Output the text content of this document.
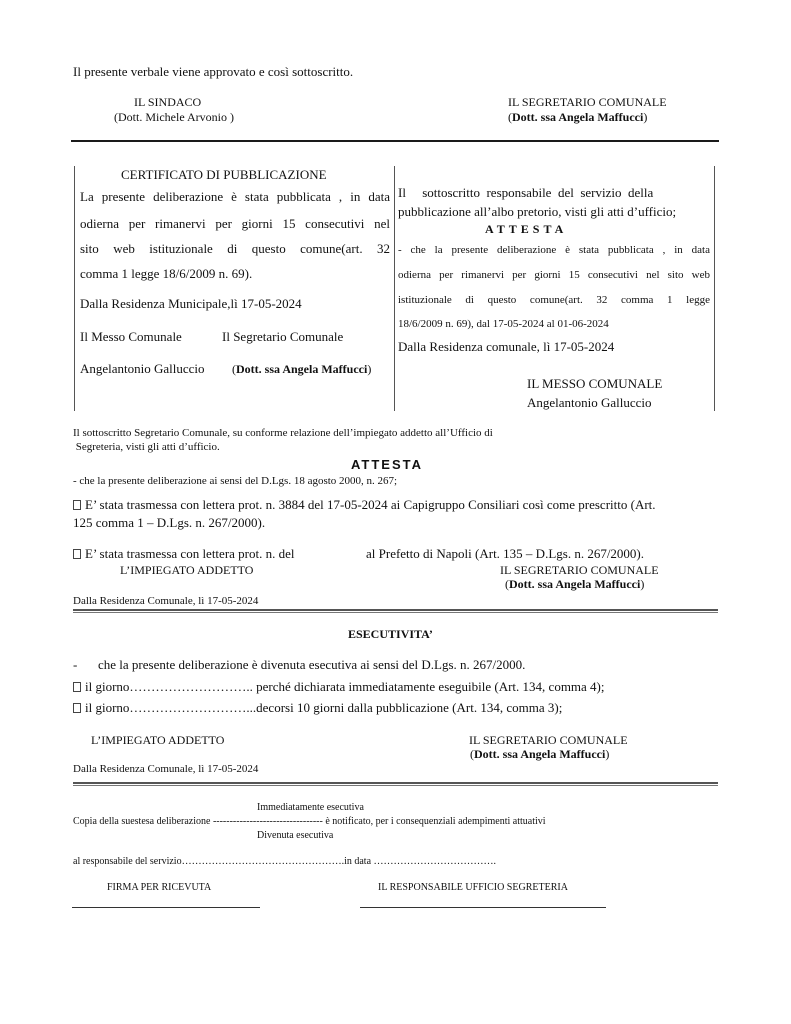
Il presente verbale viene approvato e così sottoscritto.
IL SINDACO
(Dott. Michele Arvonio )
IL SEGRETARIO COMUNALE
(Dott. ssa Angela Maffucci)
CERTIFICATO DI PUBBLICAZIONE
La presente deliberazione è stata pubblicata , in data
odierna per rimanervi per giorni 15 consecutivi nel
sito web istituzionale di questo comune(art. 32
comma 1 legge 18/6/2009 n. 69).
Dalla Residenza Municipale,lì 17-05-2024
Il Messo Comunale	Il Segretario Comunale
Angelantonio Galluccio (Dott. ssa Angela Maffucci)
Il     sottoscritto  responsabile  del  servizio  della
pubblicazione all’albo pretorio, visti gli atti d’ufficio;
ATTESTA
- che la presente deliberazione è stata pubblicata , in data
odierna per rimanervi per giorni 15 consecutivi nel sito web
istituzionale di questo comune(art. 32 comma 1 legge
18/6/2009 n. 69), dal 17-05-2024 al 01-06-2024
Dalla Residenza comunale, lì 17-05-2024
IL MESSO COMUNALE
Angelantonio Galluccio
Il sottoscritto Segretario Comunale, su conforme relazione dell’impiegato addetto all’Ufficio di
Segreteria, visti gli atti d’ufficio.
ATTESTA
- che la presente deliberazione ai sensi del D.Lgs. 18 agosto 2000, n. 267;
E’ stata trasmessa con lettera prot. n. 3884 del 17-05-2024 ai Capigruppo Consiliari così come prescritto (Art.
125 comma 1 – D.Lgs. n. 267/2000).
E’ stata trasmessa con lettera prot. n. del	al Prefetto di Napoli (Art. 135 – D.Lgs. n. 267/2000).
L’IMPIEGATO ADDETTO	IL SEGRETARIO COMUNALE
(Dott. ssa Angela Maffucci)
Dalla Residenza Comunale, lì 17-05-2024
ESECUTIVITA’
- che la presente deliberazione è divenuta esecutiva ai sensi del D.Lgs. n. 267/2000.
il giorno……………………….. perché dichiarata immediatamente eseguibile (Art. 134, comma 4);
il giorno………………………...decorsi 10 giorni dalla pubblicazione (Art. 134, comma 3);
L’IMPIEGATO ADDETTO	IL SEGRETARIO COMUNALE
(Dott. ssa Angela Maffucci)
Dalla Residenza Comunale, lì 17-05-2024
Immediatamente esecutiva
Copia della suestesa deliberazione --------------------------------- è notificato, per i consequenziali adempimenti attuativi
Divenuta esecutiva
al responsabile del servizio………………………………………….in data ……………………………….
FIRMA PER RICEVUTA	IL RESPONSABILE UFFICIO SEGRETERIA
